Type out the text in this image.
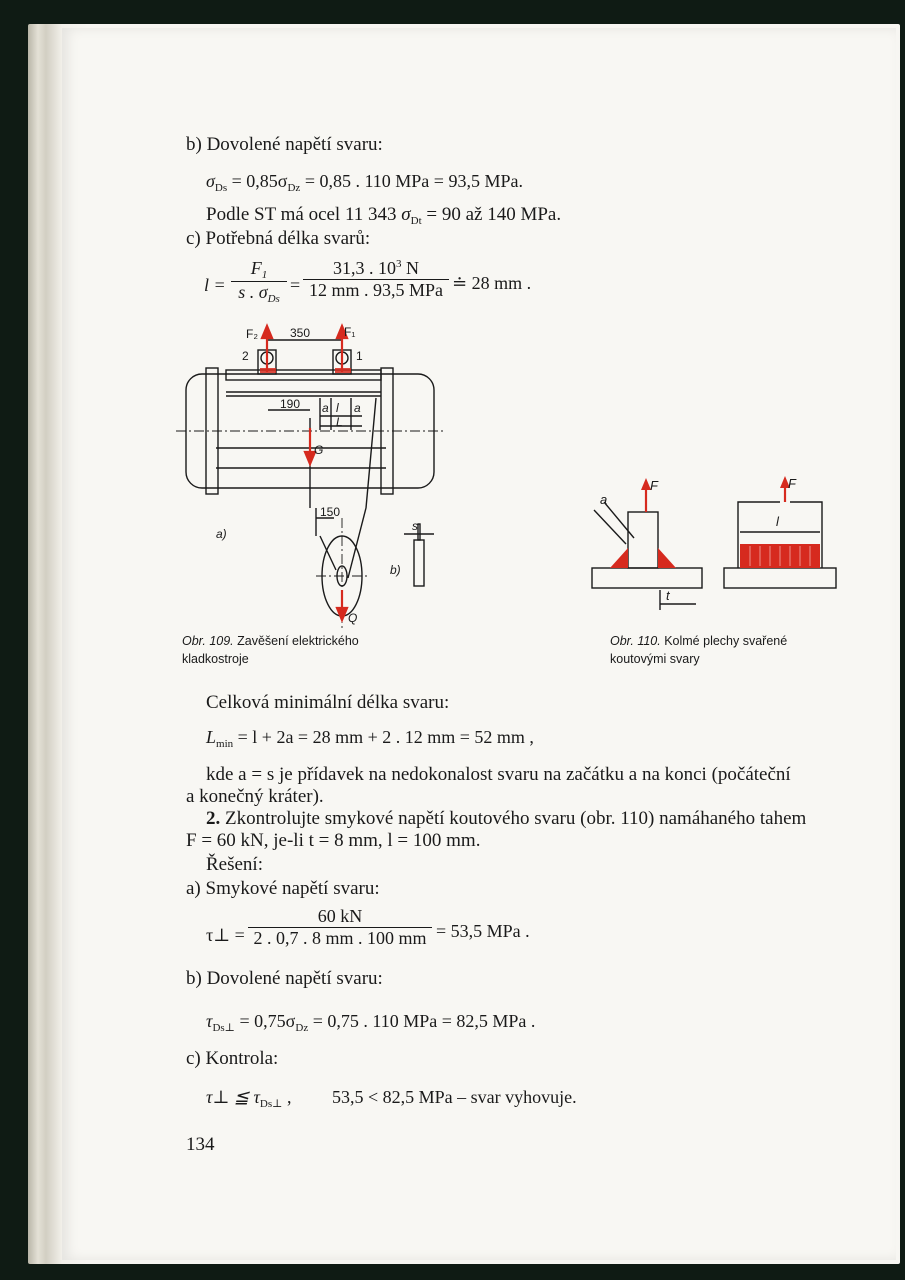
b) Dovolené napětí svaru:
$\sigma_{Ds} = 0,85\sigma_{Dz} = 0,85$ . 110 MPa = 93,5 MPa.
Podle ST má ocel 11 343 $\sigma_{Dt} = 90$ až 140 MPa.
c) Potřebná délka svarů:
l =
$F_1$
s . $\sigma_{Ds}$
=
31,3 . $10^3$ N
12 mm . 93,5 MPa ≐ 28 mm .
F₂	F₁
350
2	1
190 a l a
L
G
150
s
b)
a)
Q
Obr. 109. Zavěšení elektrického
kladkostroje
a
F	F
l
t
Obr. 110. Kolmé plechy svařené
koutovými svary
Celková minimální délka svaru:
$L_{min} = l + 2a = 28$ mm + 2 . 12 mm = 52 mm ,
kde a = s je přídavek na nedokonalost svaru na začátku a na konci (počáteční
a konečný kráter).
2. Zkontrolujte smykové napětí koutového svaru (obr. 110) namáhaného tahem
F = 60 kN, je-li t = 8 mm, l = 100 mm.
Řešení:
a) Smykové napětí svaru:
τ⊥ = $\frac{60 kN}{2 . 0,7 . 8 mm . 100 mm} = 53,5$ MPa .
b) Dovolené napětí svaru:
$\tau_{Ds\perp} = 0,75\sigma_{Dz} = 0,75$ . 110 MPa = 82,5 MPa .
c) Kontrola:
τ⊥ ≦ $\tau_{Ds\perp}$ , 53,5 < 82,5 MPa – svar vyhovuje.
134
